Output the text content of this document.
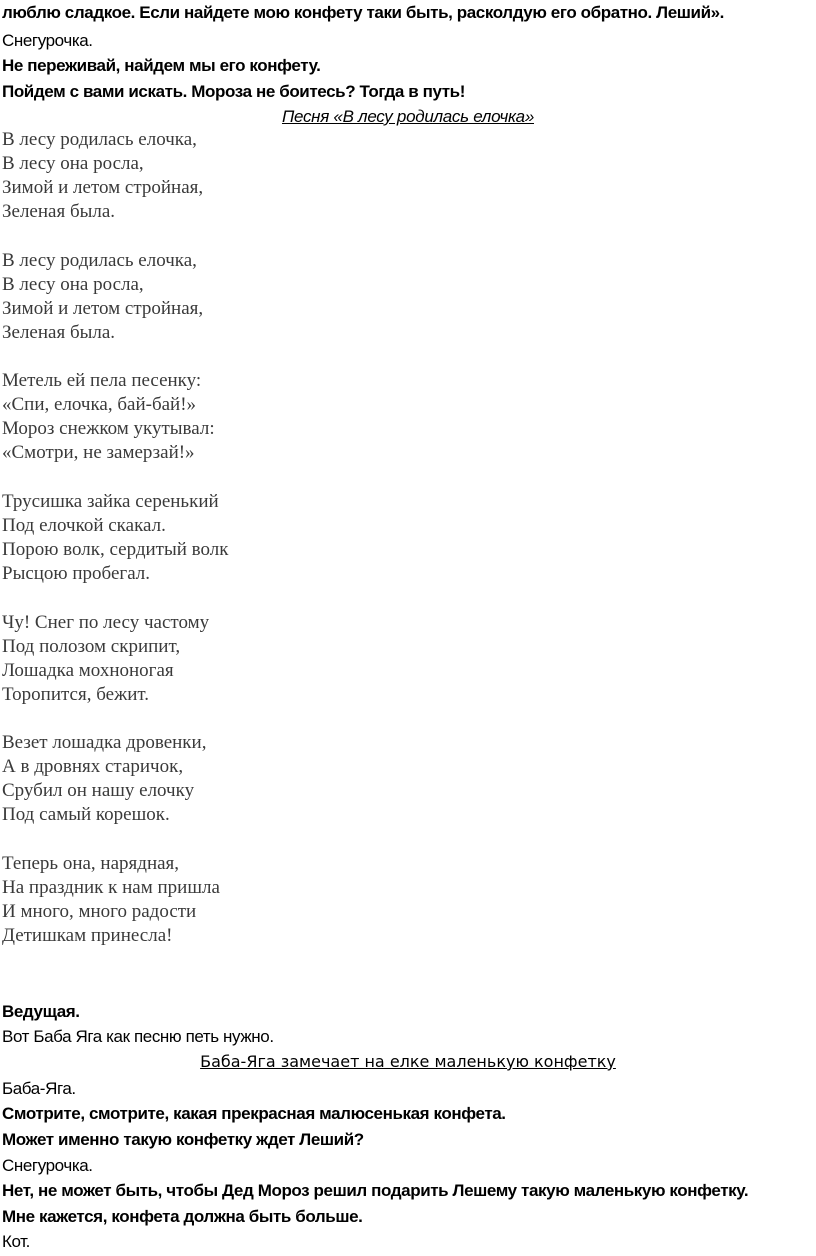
люблю сладкое. Если найдете мою конфету таки быть, расколдую его обратно. Леший».
Снегурочка.
Не переживай, найдем мы его конфету.
Пойдем с вами искать. Мороза не боитесь? Тогда в путь!
Песня «В лесу родилась елочка»
В лесу родилась елочка,
В лесу она росла,
Зимой и летом стройная,
Зеленая была.
В лесу родилась елочка,
В лесу она росла,
Зимой и летом стройная,
Зеленая была.
Метель ей пела песенку:
«Спи, елочка, бай-бай!»
Мороз снежком укутывал:
«Смотри, не замерзай!»
Трусишка зайка серенький
Под елочкой скакал.
Порою волк, сердитый волк
Рысцою пробегал.
Чу! Снег по лесу частому
Под полозом скрипит,
Лошадка мохноногая
Торопится, бежит.
Везет лошадка дровенки,
А в дровнях старичок,
Срубил он нашу елочку
Под самый корешок.
Теперь она, нарядная,
На праздник к нам пришла
И много, много радости
Детишкам принесла!
Ведущая.
Вот Баба Яга как песню петь нужно.
Баба-Яга замечает на елке маленькую конфетку
Баба-Яга.
Смотрите, смотрите, какая прекрасная малюсенькая конфета.
Может именно такую конфетку ждет Леший?
Снегурочка.
Нет, не может быть, чтобы Дед Мороз решил подарить Лешему такую маленькую конфетку.
Мне кажется, конфета должна быть больше.
Кот.
